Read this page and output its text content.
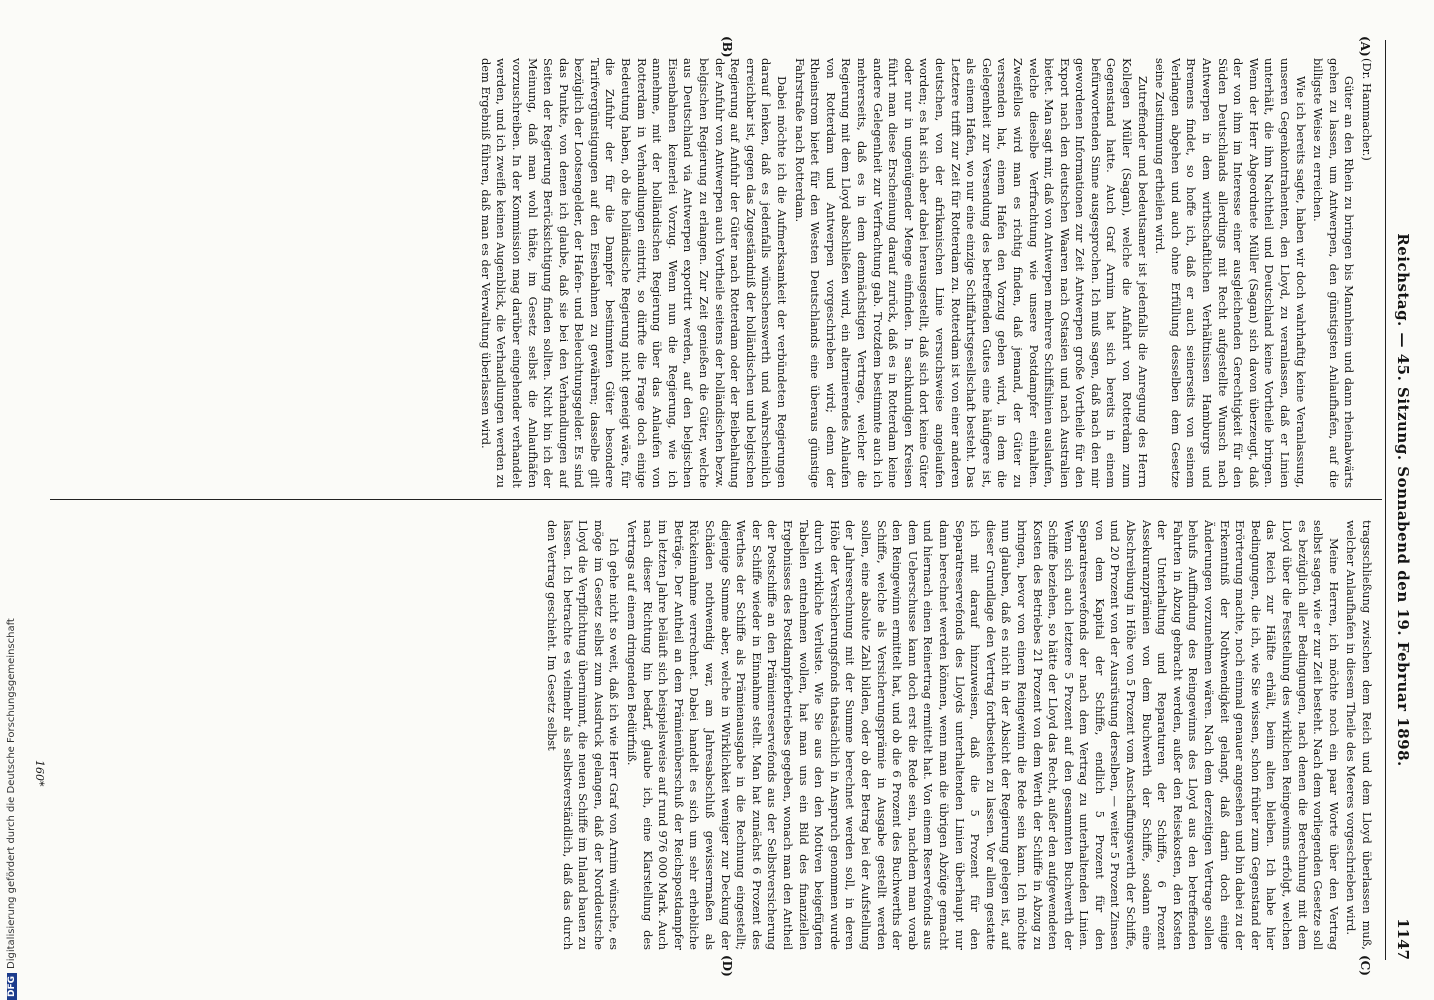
Reichstag. — 45. Sitzung. Sonnabend den 19. Februar 1898.
1147
(A)
(B)
(C)
(D)

(Dr. Hammacher.)

Güter an den Rhein zu bringen bis Mannheim und dann rheinabwärts gehen zu lassen, um Antwerpen, den günstigsten Anlaufhafen, auf die billigste Weise zu erreichen.

Wie ich bereits sagte, haben wir doch wahrhaftig keine Veranlassung, unseren Gegenkontrahenten, den Lloyd, zu veranlassen, daß er Linien unterhält, die ihm Nachtheil und Deutschland keine Vortheile bringen. Wenn der Herr Abgeordnete Müller (Sagan) sich davon überzeugt, daß der von ihm im Interesse einer ausgleichenden Gerechtigkeit für den Süden Deutschlands allerdings mit Recht aufgestellte Wunsch nach Antwerpen in dem wirthschaftlichen Verhältnissen Hamburgs und Bremens findet, so hoffe ich, daß er auch seinerseits von seinem Verlangen abgehen und auch ohne Erfüllung desselben dem Gesetze seine Zustimmung ertheilen wird.

Zutreffender und bedeutsamer ist jedenfalls die Anregung des Herrn Kollegen Müller (Sagan), welche die Anfahrt von Rotterdam zum Gegenstand hatte. Auch Graf Arnim hat sich bereits in einem befürwortenden Sinne ausgesprochen. Ich muß sagen, daß nach den mir gewordenen Informationen zur Zeit Antwerpen große Vortheile für den Export nach den deutschen Waaren nach Ostasien und nach Australien bietet. Man sagt mir, daß von Antwerpen mehrere Schiffslinien auslaufen, welche dieselbe Verfrachtung wie unsere Postdampfer einhalten. Zweifellos wird man es richtig finden, daß jemand, der Güter zu versenden hat, einem Hafen den Vorzug geben wird, in dem die Gelegenheit zur Versendung des betreffenden Gutes eine häufigere ist, als einem Hafen, wo nur eine einzige Schiffahrtsgesellschaft besteht. Das Letztere trifft zur Zeit für Rotterdam zu. Rotterdam ist von einer anderen deutschen, von der afrikanischen Linie versuchsweise angelaufen worden; es hat sich aber dabei herausgestellt, daß sich dort keine Güter oder nur in ungenügender Menge einfinden. In sachkundigen Kreisen führt man diese Erscheinung darauf zurück, daß es in Rotterdam keine andere Gelegenheit zur Verfrachtung gab. Trotzdem bestimmte auch ich mehrerseits, daß es in dem demnächstigen Vertrage, welcher die Regierung mit dem Lloyd abschließen wird, ein alternierendes Anlaufen von Rotterdam und Antwerpen vorgeschrieben wird; denn der Rheinstrom bietet für den Westen Deutschlands eine überaus günstige Fahrstraße nach Rotterdam.

Dabei möchte ich die Aufmerksamkeit der verbündeten Regierungen darauf lenken, daß es jedenfalls wünschenswerth und wahrscheinlich erreichbar ist, gegen das Zugeständniß der holländischen und belgischen Regierung auf Anfuhr der Güter nach Rotterdam oder der Beibehaltung der Anfuhr von Antwerpen auch Vortheile seitens der holländischen bezw. belgischen Regierung zu erlangen. Zur Zeit genießen die Güter, welche aus Deutschland via Antwerpen exportirt werden, auf den belgischen Eisenbahnen keinerlei Vorzug. Wenn nun die Regierung, wie ich annehme, mit der holländischen Regierung über das Anlaufen von Rotterdam in Verhandlungen eintritt, so dürfte die Frage doch einige Bedeutung haben, ob die holländische Regierung nicht geneigt wäre, für die Zufuhr der für die Dampfer bestimmten Güter besondere Tarifvergünstigungen auf den Eisenbahnen zu gewähren; dasselbe gilt bezüglich der Lootsengelder, der Hafen- und Beleuchtungsgelder. Es sind das Punkte, von denen ich glaube, daß sie bei den Verhandlungen auf Seiten der Regierung Berücksichtigung finden sollten. Nicht bin ich der Meinung, daß man wohl thäte, im Gesetz selbst die Anlaufhäfen vorzuschreiben. In der Kommission mag darüber eingehender verhandelt werden, und ich zweifle keinen Augenblick, die Verhandlungen werden zu dem Ergebniß führen, daß man es der Verwaltung überlassen wird.

tragsschließung zwischen dem Reich und dem Lloyd überlassen muß, welcher Anlaufhafen in diesem Theile des Meeres vorgeschrieben wird.

Meine Herren, ich möchte noch ein paar Worte über den Vertrag selbst sagen, wie er zur Zeit besteht. Nach dem vorliegenden Gesetze soll es bezüglich aller Bedingungen, nach denen die Berechnung mit dem Lloyd über die Feststellung des wirklichen Reingewinns erfolgt, welchen das Reich zur Hälfte erhält, beim alten bleiben. Ich habe hier Bedingungen, die ich, wie Sie wissen, schon früher zum Gegenstand der Erörterung machte, noch einmal genauer angesehen und bin dabei zu der Erkenntniß der Nothwendigkeit gelangt, daß darin doch einige Änderungen vorzunehmen wären. Nach dem derzeitigen Vertrage sollen behufs Auffindung des Reingewinns des Lloyd aus den betreffenden Fahrten in Abzug gebracht werden, außer den Reisekosten, den Kosten der Unterhaltung und Reparaturen der Schiffe, 6 Prozent Assekuranzprämien von dem Buchwerth der Schiffe, sodann eine Abschreibung in Höhe von 5 Prozent vom Anschaffungswerth der Schiffe, und 20 Prozent von der Ausrüstung derselben, — weiter 5 Prozent Zinsen von dem Kapital der Schiffe, endlich 5 Prozent für den Separatreservefonds der nach dem Vertrag zu unterhaltenden Linien. Wenn sich auch letztere 5 Prozent auf den gesammten Buchwerth der Schiffe beziehen, so hätte der Lloyd das Recht, außer den aufgewendeten Kosten des Betriebes 21 Prozent von dem Werth der Schiffe in Abzug zu bringen, bevor von einem Reingewinn die Rede sein kann. Ich möchte nun glauben, daß es nicht in der Absicht der Regierung gelegen ist, auf dieser Grundlage den Vertrag fortbestehen zu lassen. Vor allem gestatte ich mit darauf hinzuweisen, daß die 5 Prozent für den Separatreservefonds des Lloyds unterhaltenden Linien überhaupt nur dann berechnet werden können, wenn man die übrigen Abzüge gemacht und hiernach einen Reinertrag ermittelt hat. Von einem Reservefonds aus dem Ueberschusse kann doch erst die Rede sein, nachdem man vorab den Reingewinn ermittelt hat, und ob die 6 Prozent des Buchwerths der Schiffe, welche als Versicherungsprämie in Ausgabe gestellt werden sollen, eine absolute Zahl bilden, oder ob der Betrag bei der Aufstellung der Jahresrechnung mit der Summe berechnet werden soll, in deren Höhe der Versicherungsfonds thatsächlich in Anspruch genommen wurde durch wirkliche Verluste. Wie Sie aus den den Motiven beigefügten Tabellen entnehmen wollen, hat man uns ein Bild des finanziellen Ergebnisses des Postdampferbetriebes gegeben, wonach man den Antheil der Postschiffe an den Prämienreservefonds aus der Selbstversicherung der Schiffe wieder in Einnahme stellt. Man hat zunächst 6 Prozent des Werthes der Schiffe als Prämienausgabe in die Rechnung eingestellt; diejenige Summe aber, welche in Wirklichkeit weniger zur Deckung der Schäden nothwendig war, am Jahresabschluß gewissermaßen als Rückeinnahme verrechnet. Dabei handelt es sich um sehr erhebliche Beträge. Der Antheil an dem Prämienüberschuß der Reichspostdampfer im letzten Jahre beläuft sich beispielsweise auf rund 976 000 Mark. Auch nach dieser Richtung hin bedarf, glaube ich, eine Klarstellung des Vertrags auf einem dringenden Bedürfniß.

Ich gehe nicht so weit, daß ich wie Herr Graf von Arnim wünsche, es möge im Gesetz selbst zum Ausdruck gelangen, daß der Norddeutsche Lloyd die Verpflichtung übernimmt, die neuen Schiffe im Inland bauen zu lassen. Ich betrachte es vielmehr als selbstverständlich, daß das durch den Vertrag geschieht. Im Gesetz selbst

160*
DFGDigitalisierung gefördert durch die Deutsche Forschungsgemeinschaft
